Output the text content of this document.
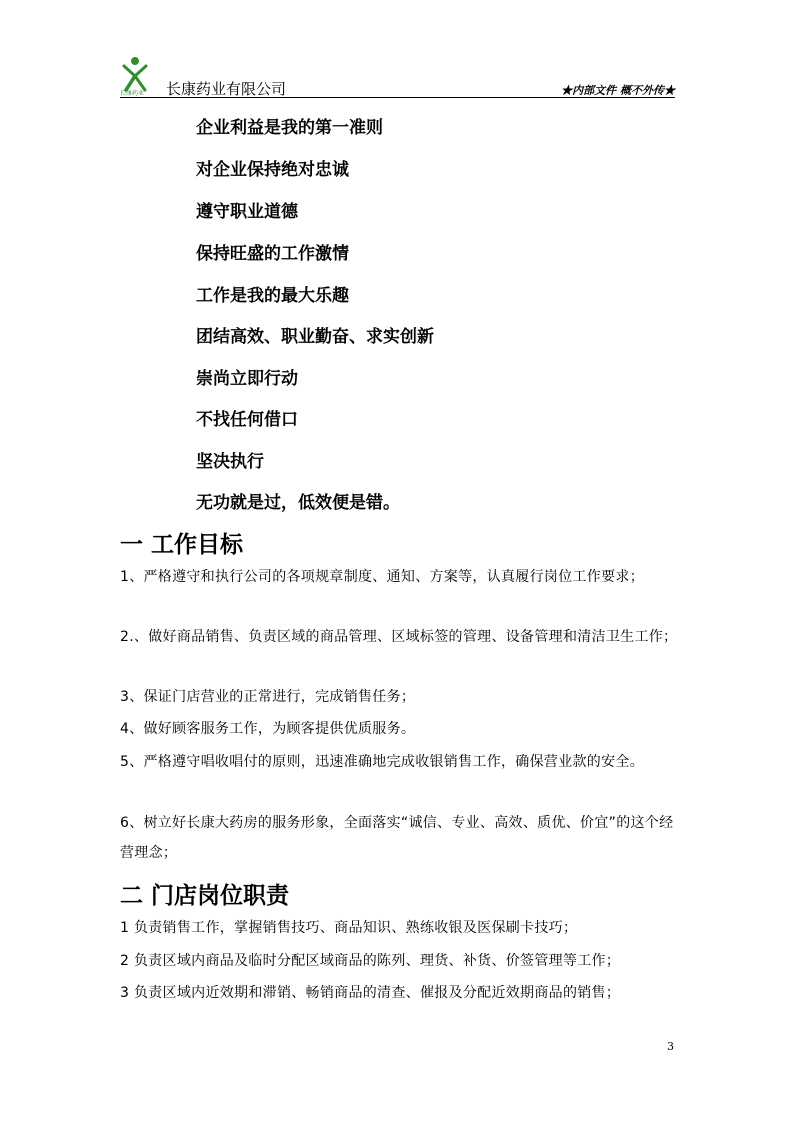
长康药业 长康药业有限公司	★内部文件 概不外传★
企业利益是我的第一准则
对企业保持绝对忠诚
遵守职业道德
保持旺盛的工作激情
工作是我的最大乐趣
团结高效、职业勤奋、求实创新
崇尚立即行动
不找任何借口
坚决执行
无功就是过，低效便是错。
一 工作目标
1、严格遵守和执行公司的各项规章制度、通知、方案等，认真履行岗位工作要求；
2.、做好商品销售、负责区域的商品管理、区域标签的管理、设备管理和清洁卫生工作；
3、保证门店营业的正常进行，完成销售任务；
4、做好顾客服务工作，为顾客提供优质服务。
5、严格遵守唱收唱付的原则，迅速准确地完成收银销售工作，确保营业款的安全。
6、树立好长康大药房的服务形象，全面落实“诚信、专业、高效、质优、价宜”的这个经营理念；
二 门店岗位职责
1 负责销售工作，掌握销售技巧、商品知识、熟练收银及医保刷卡技巧；
2 负责区域内商品及临时分配区域商品的陈列、理货、补货、价签管理等工作；
3 负责区域内近效期和滞销、畅销商品的清查、催报及分配近效期商品的销售；
3
